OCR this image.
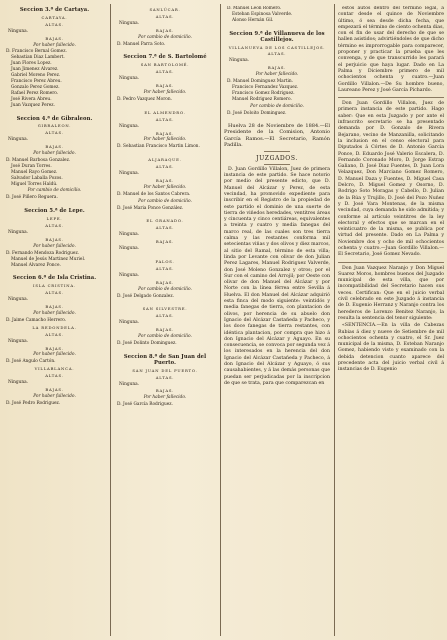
Seccion 3.ª de Cartaya.
CARTAYA.
ALTAS.
Ninguna.
BAJAS.
Por haber fallecido.
D. Francisco Bernal Gomez.
Sebastian Diaz Lambert.
Juan Flores Lopez.
Juan Jimenez Alvarez.
Gabriel Moreno Perez.
Francisco Perez Abreu.
Gonzalo Perez Gomez.
Rafael Perez Romero.
José Rivera Abreu.
Juan Vazquez Perez.
Seccion 4.ª de Gibraleon.
GIBRALEON.
ALTAS.
Ninguna.
BAJAS.
Por haber fallecido.
D. Manuel Barbosa Gonzalez.
José Duran Torres.
Manuel Rayo Gomez.
Salvador Laballa Pozos.
Miguel Torres Haldú.
Por cambio de domicilio.
D. José Piñero Reguera.
Seccion 5.ª de Lepe.
LEPE.
ALTAS.
Ninguna.
BAJAS.
Por haber fallecido.
D. Fernando Mendoza Rodriguez.
Manuel de Jesús Martinez Muriel.
Manuel Alvarez Ponce.
Seccion 6.ª de Isla Cristina.
ISLA CRISTINA.
ALTAS.
Ninguna.
BAJAS.
Por haber fallecido.
D. Jaime Camacho Herrero.
LA REDONDELA.
ALTAS.
Ninguna.
BAJAS.
Por haber fallecido.
D. José Angulo Cartón.
VILLABLANCA.
ALTAS.
Ninguna.
BAJAS.
Por haber fallecido.
D. José Pedro Rodriguez.
SANLÚCAR.
ALTAS.
Ninguna.
BAJAS.
Por cambio de domicilio.
D. Manuel Parra Soto.
Seccion 7.ª de S. Bartolomé
SAN BARTOLOMÉ.
ALTAS.
Ninguna.
BAJAS.
Por haber fallecido.
D. Pedro Vazquez Moron.
EL ALMENDRO.
ALTAS.
Ninguna.
BAJAS.
Por haber fallecido.
D. Sebastian Francisco Martin Limon.
ALJARAQUE.
ALTAS.
Ninguna.
BAJAS.
Por haber fallecido.
D. Manuel de los Santos Cabrera.
Por cambio de domicilio.
D. José Maria Ponce González.
EL GRANADO.
ALTAS.
Ninguna.
BAJAS.
Ninguna.
PALOS.
ALTAS.
Ninguna.
BAJAS.
Por cambio de domicilio.
D. José Delgado Gonzalez.
SAN SILVESTRE.
ALTAS.
Ninguna.
BAJAS.
Por cambio de domicilio.
D. José Dolinto Dominguez.
Seccion 8.ª de San Juan del Puerto.
SAN JUAN DEL PUERTO.
ALTAS.
Ninguna.
BAJAS.
Por haber fallecido.
D. José García Rodriguez.
D. Manuel Leon Romero.
Esteban Espinosa Valverde.
Alonso Hernán Gil.
Seccion 9.ª de Villanueva de los Castillejos.
VILLANUEVA DE LOS CASTILLEJOS.
ALTAS.
Ninguna.
BAJAS.
Por haber fallecido.
D. Manuel Dominguez Martin.
Francisco Fernandez Vazquez.
Francisco Gomez Rodriguez.
Manuel Rodriguez Romero.
Por cambio de domicilio.
D. José Doloito Dominguez.

Huelva 28 de Noviembre de 1884.—El Presidente de la Comision, Antonio García Ramos.—El Secretario, Ramón Padilla.

JUZGADOS.

D. Juan Gordillo Villalon, Juez de primera instancia de este partido. Se hace notorio por medio del presente edicto, que D. Manuel del Alcázar y Perez, de esta vecindad, ha promovido expediente para inscribir en el Registro de la propiedad de este partido el dominio de una suerte de tierra de viñedos heredades, ventitres áreas y cincuenta y cinco centiáreas, equivalentes a treinta y cuatro y media fanegas del marco real, de las cuales son tres tierra calma y las restantes conforma mil setecientas viñas y dos olivos y diez marcos, al sitio del Ramal, término de esta villa; linda por Levante con olivar de don Julian Perez Lagares, Manuel Rodriguez Valverde, don José Moleno Gonzalez y otros; por el Sur con el camino del Arrojil; por Oeste con olivar de don Manuel del Alcázar y por Norte con la línea férrea entre Sevilla á Huelva. El don Manuel del Alcázar adquirió esta finca del modo siguiente: veintidós y media fanegas de tierra, con plantacion de olivos, por herencia de su abuelo don Ignacio del Alcázar Castañeda y Pacheco, y los doce fanegas de tierra restantes, con idéntica plantacion, por compra que hizo á don Ignacio del Alcázar y Aguayo. En su consecuencia, se convoca por segunda vez á los interesados en la herencia del don Ignacio del Alcázar Castañeda y Pacheco, á don Ignacio del Alcázar y Aguayo, ó sus causahabientes, y á las demás personas que puedan ser perjudicadas por la inscripcion de que se trata, para que comparezcan en

estos autos dentro del término legal, á contar desde el quince de Noviembre último, ó sea desde dicha fecha, que empezará el término de ciento ochenta dias, con el fin de usar del derecho de que se hallen asistidos; advirtiéndoles de que dicho término es improrrogable para comparecer, proponer y practicar la prueba que les convenga, y de que transcurrido les parará el perjuicio que haya lugar. Dado en La Palma y Diciembre primero de mil ochocientos ochenta y cuatro.—Juan Gordillo Villalon.—De Su hombre bueno, Laureano Perez y José García Pichardo.

Don Juan Gordillo Villalon, Juez de primera instancia de este partido. Hago saber: Que en esta Juzgado y por ante el infrascrito secretario se ha presentado demanda por D. Gonzalo de Rivera Bejarano, vecino de Manzanilla, solicitando la inclusion en el censo electoral para Diputados á Córtes de D. Antonio Garcia Ponce, D. Eduardo José Valerio Escalera, D. Fernando Coronado Moro, D. Jorge Estrap Galiano, D. José Diaz Fuentes, D. Juan Lora Velazquez, Don Marciano Gomez Romero, D. Manuel Daza y Fuentes, D. Miguel Casa Delcro, D. Miguel Gomez y Osorno, D. Rodrigo Soto Moragas y Cabello, D. Julian de la Rúa y Trujillo, D. José del Pozo Nuñez y D. José Vara Montenas, de la misma vecindad, cuya demanda he sido admitida; y conforme al artículo veintitres de la ley electoral y efectos que se marcan en el veinticuatro de la misma, se publica por virtud del presente. Dado en La Palma y Noviembre dos y ocho de mil ochocientos ochenta y cuatro.—Juan Gordillo Villalon.—El Secretario, José Gomez Nevado.

Don Juan Vazquez Naranjo y Don Miguel Suarez Moros, hombres buenos del Juzgado municipal de esta villa, que por incompatibilidad del Secretario hacen sus veces. Certifican: Que en el juicio verbal civil celebrado en este Juzgado á instancia de D. Eugenio Herranz y Naranjo contra los herederos de Lorenzo Benitez Naranjo, la resulta la sentencia del tenor siguiente:

«SENTENCIA.—En la villa de Cabezas Rubias á diez y nueve de Setiembre de mil ochocientos ochenta y cuatro, el Sr. Juez municipal de la misma, D. Esteban Naranjo Gomez, habiendo visto y examinado con la debida detencion cuanto aparece del precedente acta del juicio verbal civil á instancias de D. Eugenio
